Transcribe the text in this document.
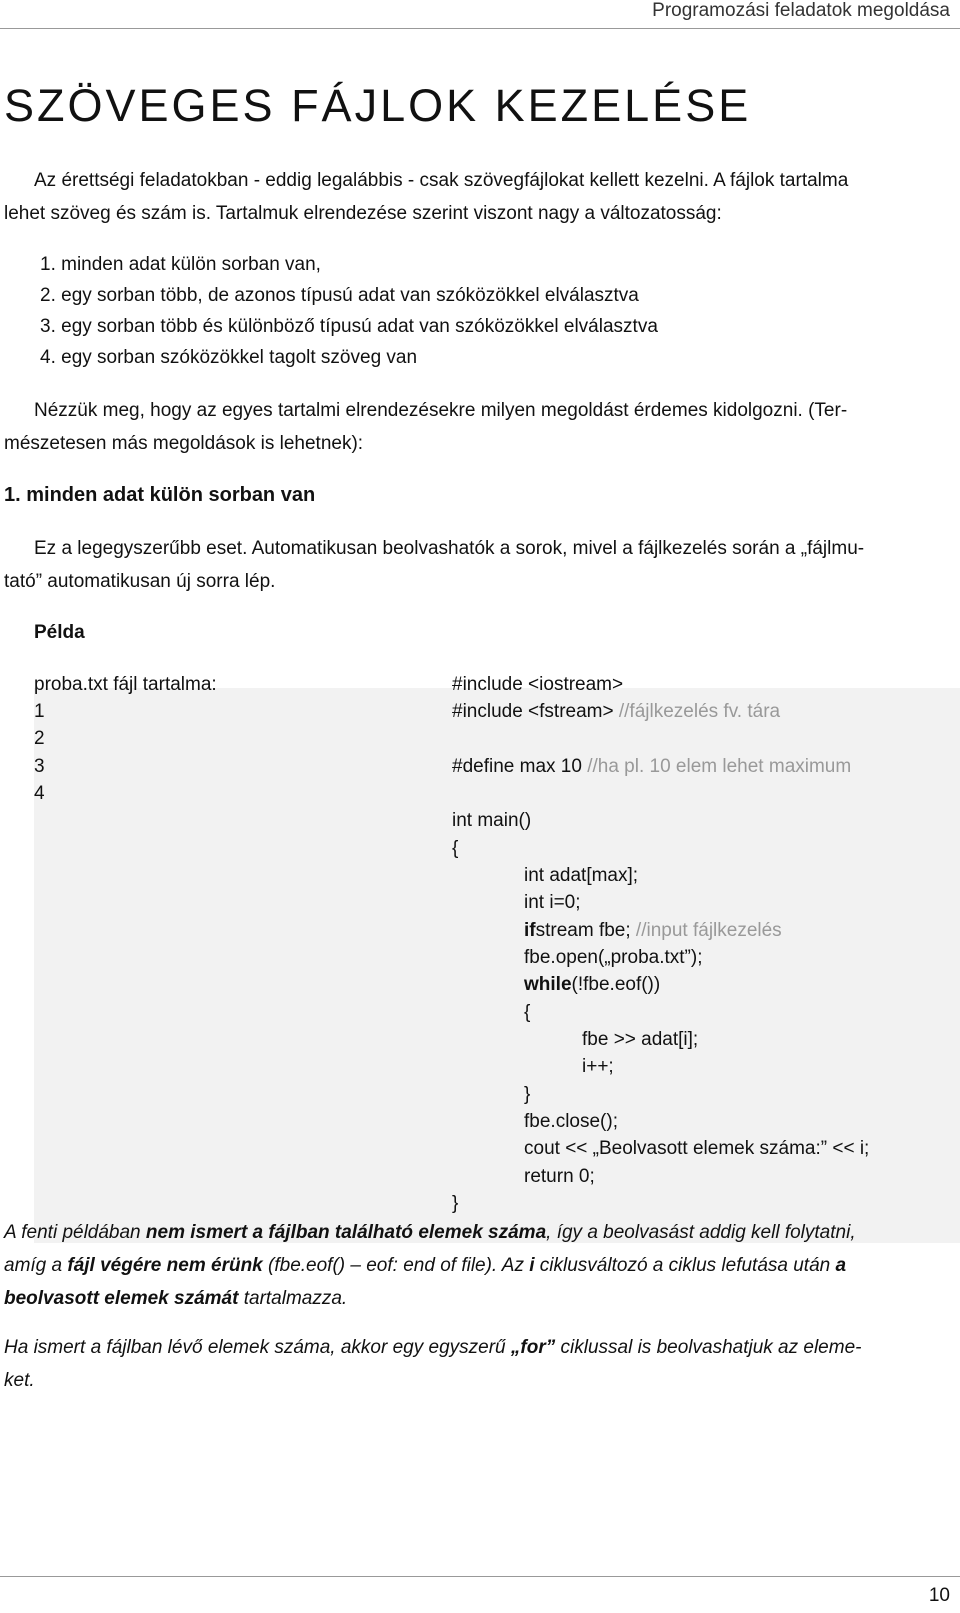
Programozási feladatok megoldása
SZÖVEGES FÁJLOK KEZELÉSE
Az érettségi feladatokban - eddig legalábbis - csak szövegfájlokat kellett kezelni. A fájlok tartalma
lehet szöveg és szám is. Tartalmuk elrendezése szerint viszont nagy a változatosság:
1. minden adat külön sorban van,
2. egy sorban több, de azonos típusú adat van szóközökkel elválasztva
3. egy sorban több és különböző típusú adat van szóközökkel elválasztva
4. egy sorban szóközökkel tagolt szöveg van
Nézzük meg, hogy az egyes tartalmi elrendezésekre milyen megoldást érdemes kidolgozni. (Ter-
mészetesen más megoldások is lehetnek):
1. minden adat külön sorban van
Ez a legegyszerűbb eset. Automatikusan beolvashatók a sorok, mivel a fájlkezelés során a „fájlmu-
tató” automatikusan új sorra lép.
Példa
proba.txt fájl tartalma:
1
2
3
4
#include <iostream>
#include <fstream> //fájlkezelés fv. tára
#define max 10 //ha pl. 10 elem lehet maximum
int main()
{
int adat[max];
int i=0;
ifstream fbe; //input fájlkezelés
fbe.open(„proba.txt”);
while(!fbe.eof())
{
fbe >> adat[i];
i++;
}
fbe.close();
cout << „Beolvasott elemek száma:” << i;
return 0;
}
A fenti példában nem ismert a fájlban található elemek száma, így a beolvasást addig kell folytatni,
amíg a fájl végére nem érünk (fbe.eof() – eof: end of file). Az i ciklusváltozó a ciklus lefutása után a
beolvasott elemek számát tartalmazza.
Ha ismert a fájlban lévő elemek száma, akkor egy egyszerű „for” ciklussal is beolvashatjuk az eleme-
ket.
10
